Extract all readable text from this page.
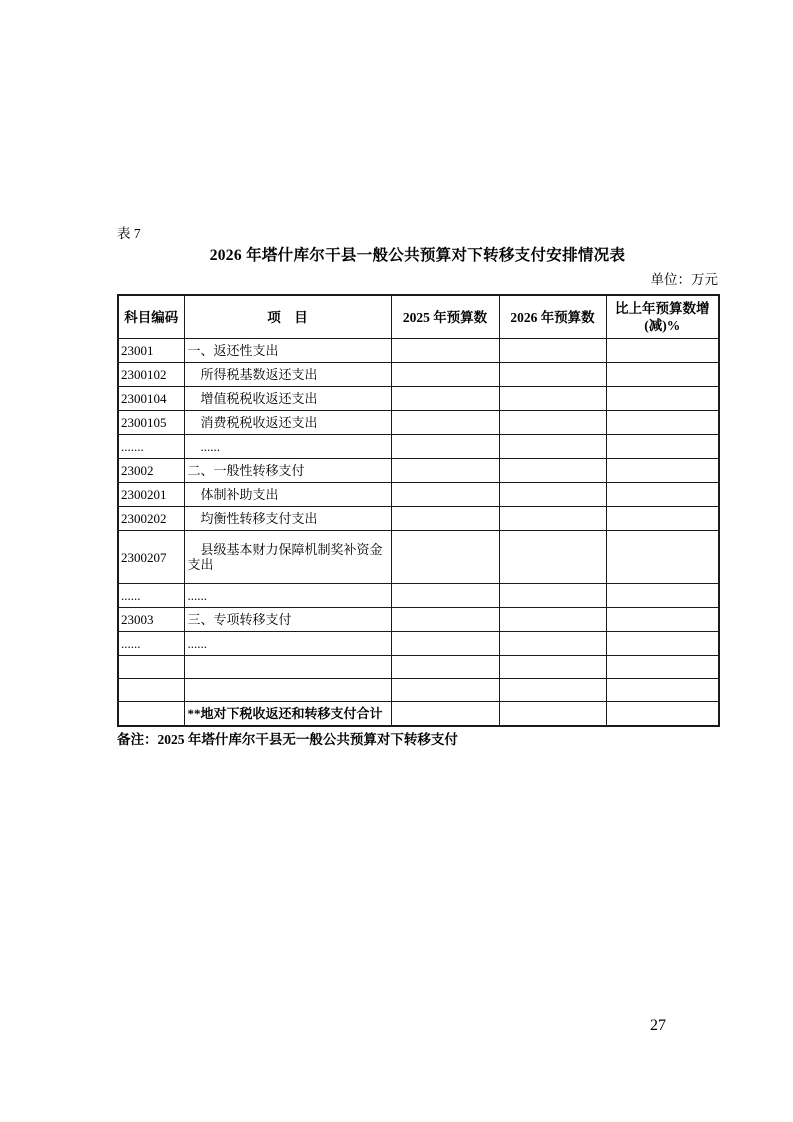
表 7
2026 年塔什库尔干县一般公共预算对下转移支付安排情况表
单位：万元
科目编码	项　目	2025 年预算数	2026 年预算数	比上年预算数增(减)%
23001	一、返还性支出			
2300102	所得税基数返还支出			
2300104	增值税税收返还支出			
2300105	消费税税收返还支出			
.......	......			
23002	二、一般性转移支付			
2300201	体制补助支出			
2300202	均衡性转移支付支出			
2300207	县级基本财力保障机制奖补资金支出			
......	......			
23003	三、专项转移支付			
......	......			

	**地对下税收返还和转移支付合计			
备注：2025 年塔什库尔干县无一般公共预算对下转移支付
27
